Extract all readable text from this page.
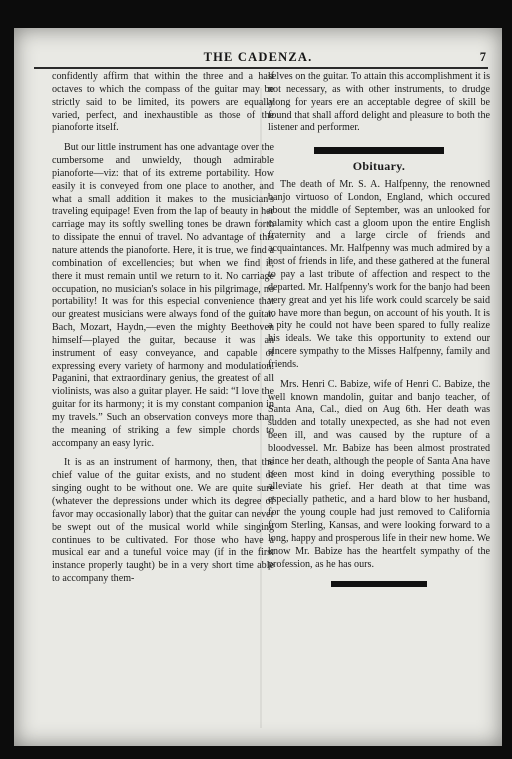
THE CADENZA.	7

confidently affirm that within the three and a half octaves to which the compass of the guitar may be strictly said to be limited, its powers are equally varied, perfect, and inexhaustible as those of the pianoforte itself.

But our little instrument has one advantage over the cumbersome and unwieldy, though admirable pianoforte—viz: that of its extreme portability. How easily it is conveyed from one place to another, and what a small addition it makes to the musician's traveling equipage! Even from the lap of beauty in her carriage may its softly swelling tones be drawn forth to dissipate the ennui of travel. No advantage of this nature attends the pianoforte. Here, it is true, we find a combination of excellencies; but when we find it, there it must remain until we return to it. No carriage occupation, no musician's solace in his pilgrimage, no portability! It was for this especial convenience that our greatest musicians were always fond of the guitar. Bach, Mozart, Haydn,—even the mighty Beethoven himself—played the guitar, because it was an instrument of easy conveyance, and capable of expressing every variety of harmony and modulation. Paganini, that extraordinary genius, the greatest of all violinists, was also a guitar player. He said: “I love the guitar for its harmony; it is my constant companion in my travels.” Such an observation conveys more than the meaning of striking a few simple chords to accompany an easy lyric.

It is as an instrument of harmony, then, that the chief value of the guitar exists, and no student of singing ought to be without one. We are quite sure (whatever the depressions under which its degree of favor may occasionally labor) that the guitar can never be swept out of the musical world while singing continues to be cultivated. For those who have a musical ear and a tuneful voice may (if in the first instance properly taught) be in a very short time able to accompany them-

selves on the guitar. To attain this accomplishment it is not necessary, as with other instruments, to drudge along for years ere an acceptable degree of skill be found that shall afford delight and pleasure to both the listener and performer.

Obituary.

The death of Mr. S. A. Halfpenny, the renowned banjo virtuoso of London, England, which occured about the middle of September, was an unlooked for calamity which cast a gloom upon the entire English fraternity and a large circle of friends and acquaintances. Mr. Halfpenny was much admired by a host of friends in life, and these gathered at the funeral to pay a last tribute of affection and respect to the departed. Mr. Halfpenny's work for the banjo had been very great and yet his life work could scarcely be said to have more than begun, on account of his youth. It is a pity he could not have been spared to fully realize his ideals. We take this opportunity to extend our sincere sympathy to the Misses Halfpenny, family and friends.

Mrs. Henri C. Babize, wife of Henri C. Babize, the well known mandolin, guitar and banjo teacher, of Santa Ana, Cal., died on Aug 6th. Her death was sudden and totally unexpected, as she had not even been ill, and was caused by the rupture of a bloodvessel. Mr. Babize has been almost prostrated since her death, although the people of Santa Ana have been most kind in doing everything possible to alleviate his grief. Her death at that time was especially pathetic, and a hard blow to her husband, for the young couple had just removed to California from Sterling, Kansas, and were looking forward to a long, happy and prosperous life in their new home. We know Mr. Babize has the heartfelt sympathy of the profession, as he has ours.
